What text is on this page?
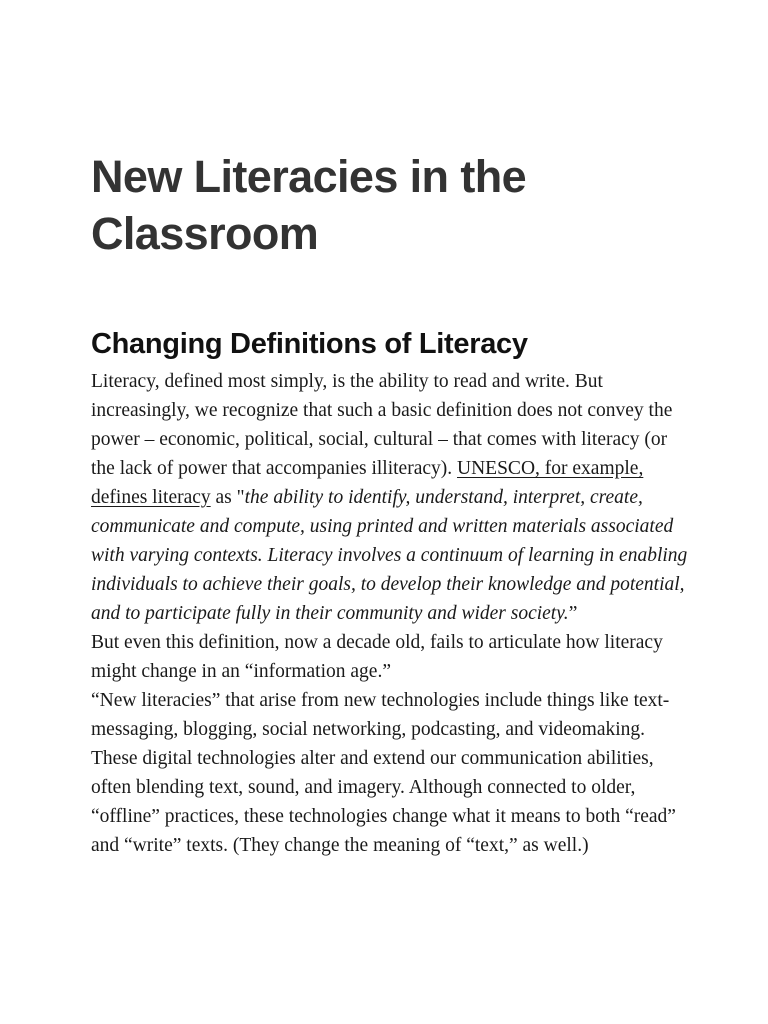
New Literacies in the Classroom
Changing Definitions of Literacy

Literacy, defined most simply, is the ability to read and write. But increasingly, we recognize that such a basic definition does not convey the power – economic, political, social, cultural – that comes with literacy (or the lack of power that accompanies illiteracy). UNESCO, for example, defines literacy as "the ability to identify, understand, interpret, create, communicate and compute, using printed and written materials associated with varying contexts. Literacy involves a continuum of learning in enabling individuals to achieve their goals, to develop their knowledge and potential, and to participate fully in their community and wider society.”

But even this definition, now a decade old, fails to articulate how literacy might change in an “information age.”

“New literacies” that arise from new technologies include things like text-messaging, blogging, social networking, podcasting, and videomaking. These digital technologies alter and extend our communication abilities, often blending text, sound, and imagery. Although connected to older, “offline” practices, these technologies change what it means to both “read” and “write” texts. (They change the meaning of “text,” as well.)
